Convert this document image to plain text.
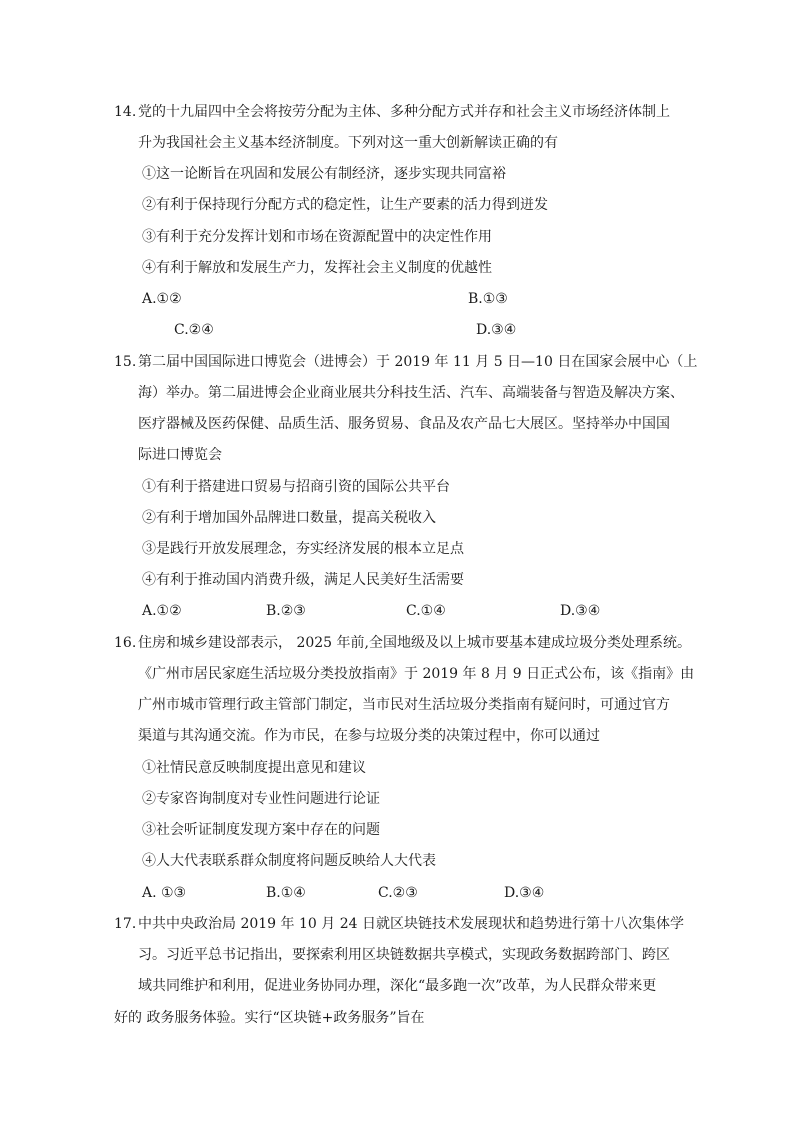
14. 党的十九届四中全会将按劳分配为主体、多种分配方式并存和社会主义市场经济体制上
升为我国社会主义基本经济制度。下列对这一重大创新解读正确的有
①这一论断旨在巩固和发展公有制经济，逐步实现共同富裕
②有利于保持现行分配方式的稳定性，让生产要素的活力得到迸发
③有利于充分发挥计划和市场在资源配置中的决定性作用
④有利于解放和发展生产力，发挥社会主义制度的优越性
A.①②	B.①③
C.②④	D.③④
15. 第二届中国国际进口博览会（进博会）于 2019 年 11 月 5 日—10 日在国家会展中心（上
海）举办。第二届进博会企业商业展共分科技生活、汽车、高端装备与智造及解决方案、
医疗器械及医药保健、品质生活、服务贸易、食品及农产品七大展区。坚持举办中国国
际进口博览会
①有利于搭建进口贸易与招商引资的国际公共平台
②有利于增加国外品牌进口数量，提高关税收入
③是践行开放发展理念，夯实经济发展的根本立足点
④有利于推动国内消费升级，满足人民美好生活需要
A.①②	B.②③	C.①④	D.③④
16. 住房和城乡建设部表示， 2025 年前,全国地级及以上城市要基本建成垃圾分类处理系统。
《广州市居民家庭生活垃圾分类投放指南》于 2019 年 8 月 9 日正式公布，该《指南》由
广州市城市管理行政主管部门制定，当市民对生活垃圾分类指南有疑问时，可通过官方
渠道与其沟通交流。作为市民，在参与垃圾分类的决策过程中，你可以通过
①社情民意反映制度提出意见和建议
②专家咨询制度对专业性问题进行论证
③社会听证制度发现方案中存在的问题
④人大代表联系群众制度将问题反映给人大代表
A. ①③	B.①④	C.②③	D.③④
17．
中共中央政治局 2019 年 10 月 24 日就区块链技术发展现状和趋势进行第十八次集体学
习。习近平总书记指出，要探索利用区块链数据共享模式，实现政务数据跨部门、跨区
域共同维护和利用，促进业务协同办理，深化“最多跑一次”改革，为人民群众带来更
好的 政务服务体验。实行“区块链+政务服务”旨在
